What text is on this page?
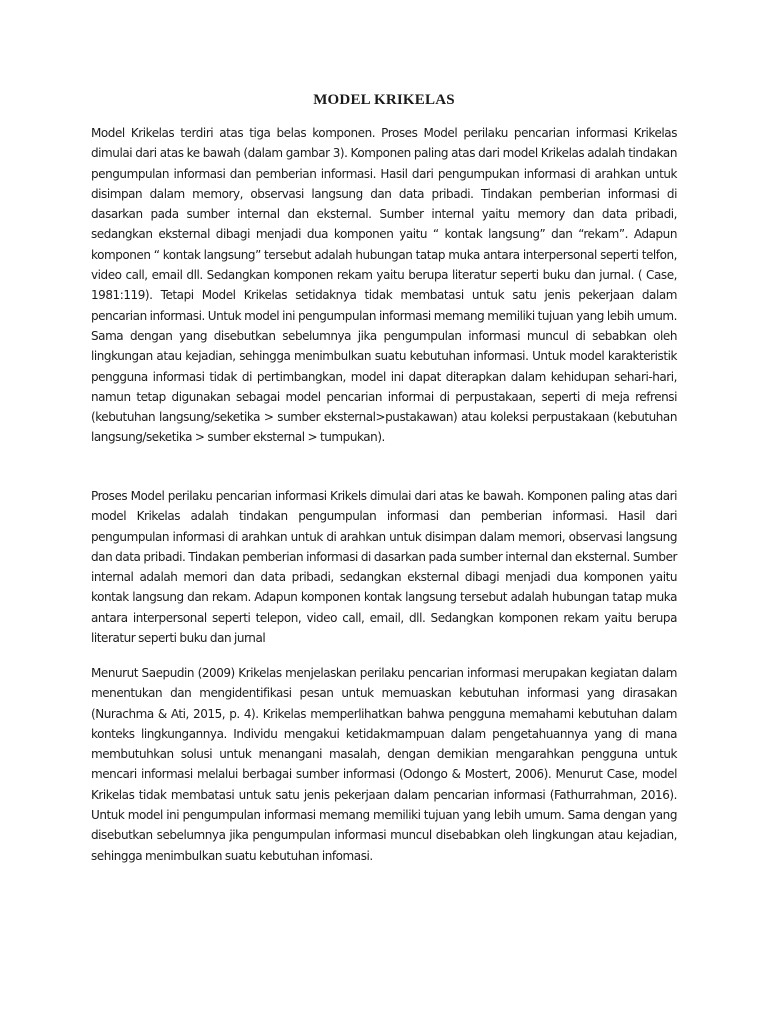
MODEL KRIKELAS

Model Krikelas terdiri atas tiga belas komponen. Proses Model perilaku pencarian informasi Krikelas dimulai dari atas ke bawah (dalam gambar 3). Komponen paling atas dari model Krikelas adalah tindakan pengumpulan informasi dan pemberian informasi. Hasil dari pengumpukan informasi di arahkan untuk disimpan dalam memory, observasi langsung dan data pribadi. Tindakan pemberian informasi di dasarkan pada sumber internal dan eksternal. Sumber internal yaitu memory dan data pribadi, sedangkan eksternal dibagi menjadi dua komponen yaitu “ kontak langsung” dan “rekam”. Adapun komponen “ kontak langsung” tersebut adalah hubungan tatap muka antara interpersonal seperti telfon, video call, email dll. Sedangkan komponen rekam yaitu berupa literatur seperti buku dan jurnal. ( Case, 1981:119). Tetapi Model Krikelas setidaknya tidak membatasi untuk satu jenis pekerjaan dalam pencarian informasi. Untuk model ini pengumpulan informasi memang memiliki tujuan yang lebih umum. Sama dengan yang disebutkan sebelumnya jika pengumpulan informasi muncul di sebabkan oleh lingkungan atau kejadian, sehingga menimbulkan suatu kebutuhan informasi. Untuk model karakteristik pengguna informasi tidak di pertimbangkan, model ini dapat diterapkan dalam kehidupan sehari-hari, namun tetap digunakan sebagai model pencarian informai di perpustakaan, seperti di meja refrensi (kebutuhan langsung/seketika > sumber eksternal>pustakawan) atau koleksi perpustakaan (kebutuhan langsung/seketika > sumber eksternal > tumpukan).

Proses Model perilaku pencarian informasi Krikels dimulai dari atas ke bawah. Komponen paling atas dari model Krikelas adalah tindakan pengumpulan informasi dan pemberian informasi. Hasil dari pengumpulan informasi di arahkan untuk di arahkan untuk disimpan dalam memori, observasi langsung dan data pribadi. Tindakan pemberian informasi di dasarkan pada sumber internal dan eksternal. Sumber internal adalah memori dan data pribadi, sedangkan eksternal dibagi menjadi dua komponen yaitu kontak langsung dan rekam. Adapun komponen kontak langsung tersebut adalah hubungan tatap muka antara interpersonal seperti telepon, video call, email, dll. Sedangkan komponen rekam yaitu berupa literatur seperti buku dan jurnal

Menurut Saepudin (2009) Krikelas menjelaskan perilaku pencarian informasi merupakan kegiatan dalam menentukan dan mengidentifikasi pesan untuk memuaskan kebutuhan informasi yang dirasakan (Nurachma & Ati, 2015, p. 4). Krikelas memperlihatkan bahwa pengguna memahami kebutuhan dalam konteks lingkungannya. Individu mengakui ketidakmampuan dalam pengetahuannya yang di mana membutuhkan solusi untuk menangani masalah, dengan demikian mengarahkan pengguna untuk mencari informasi melalui berbagai sumber informasi (Odongo & Mostert, 2006). Menurut Case, model Krikelas tidak membatasi untuk satu jenis pekerjaan dalam pencarian informasi (Fathurrahman, 2016). Untuk model ini pengumpulan informasi memang memiliki tujuan yang lebih umum. Sama dengan yang disebutkan sebelumnya jika pengumpulan informasi muncul disebabkan oleh lingkungan atau kejadian, sehingga menimbulkan suatu kebutuhan infomasi.
